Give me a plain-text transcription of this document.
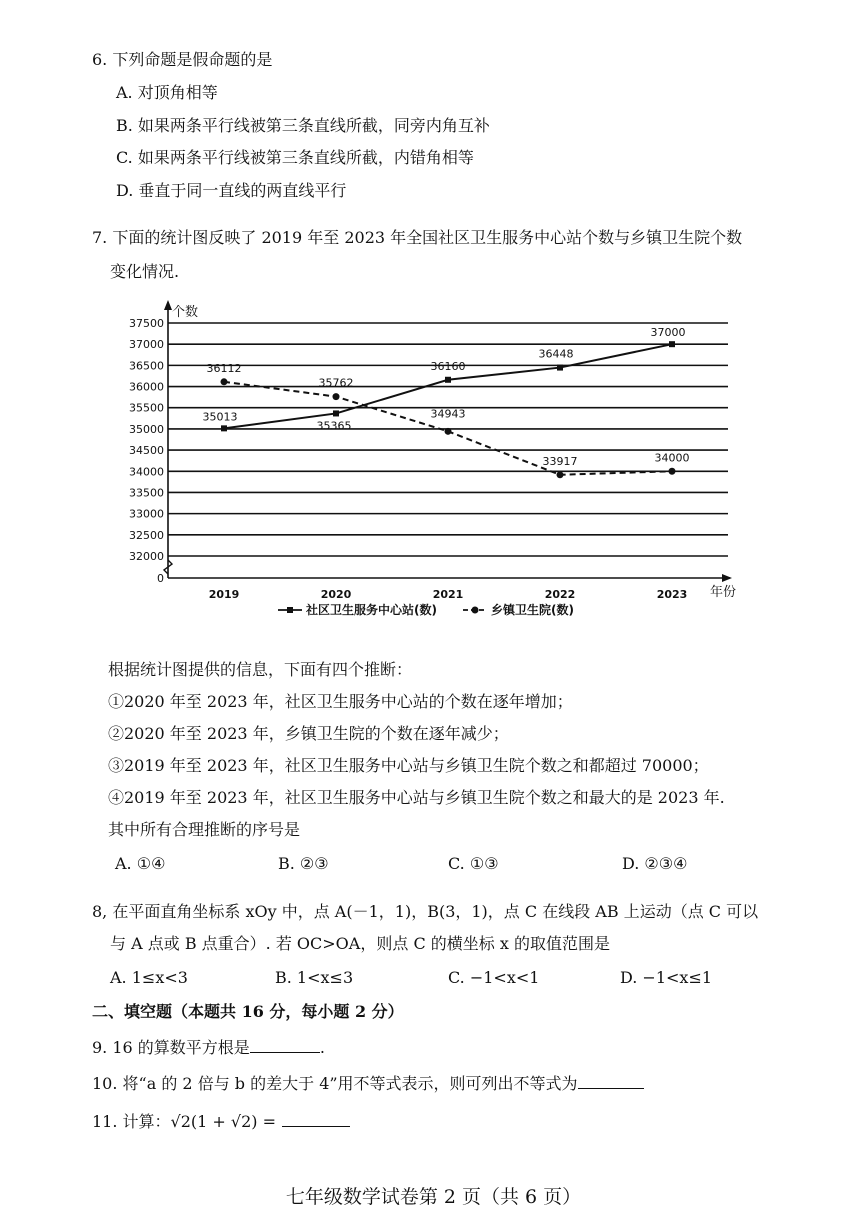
6. 下列命题是假命题的是
A. 对顶角相等
B. 如果两条平行线被第三条直线所截，同旁内角互补
C. 如果两条平行线被第三条直线所截，内错角相等
D. 垂直于同一直线的两直线平行
7. 下面的统计图反映了 2019 年至 2023 年全国社区卫生服务中心站个数与乡镇卫生院个数
变化情况.
个数
年份
0
32000
32500
33000
33500
34000
34500
35000
35500
36000
36500
37000
37500
2019	2020	2021	2022	2023
35013
35365
36160
36448
37000
36112
35762
34943
33917	34000
社区卫生服务中心站(数)	乡镇卫生院(数)
根据统计图提供的信息，下面有四个推断：
①2020 年至 2023 年，社区卫生服务中心站的个数在逐年增加；
②2020 年至 2023 年，乡镇卫生院的个数在逐年减少；
③2019 年至 2023 年，社区卫生服务中心站与乡镇卫生院个数之和都超过 70000；
④2019 年至 2023 年，社区卫生服务中心站与乡镇卫生院个数之和最大的是 2023 年.
其中所有合理推断的序号是
A. ①④	B. ②③	C. ①③	D. ②③④
8, 在平面直角坐标系 xOy 中，点 A(－1，1)，B(3，1)，点 C 在线段 AB 上运动（点 C 可以
与 A 点或 B 点重合）. 若 OC>OA，则点 C 的横坐标 x 的取值范围是
A. 1≤x<3	B. 1<x≤3	C. −1<x<1	D. −1<x≤1
二、填空题（本题共 16 分，每小题 2 分）
9. 16 的算数平方根是	.
10. 将“a 的 2 倍与 b 的差大于 4”用不等式表示，则可列出不等式为
11. 计算：√2(1 + √2) =
七年级数学试卷第 2 页（共 6 页）
